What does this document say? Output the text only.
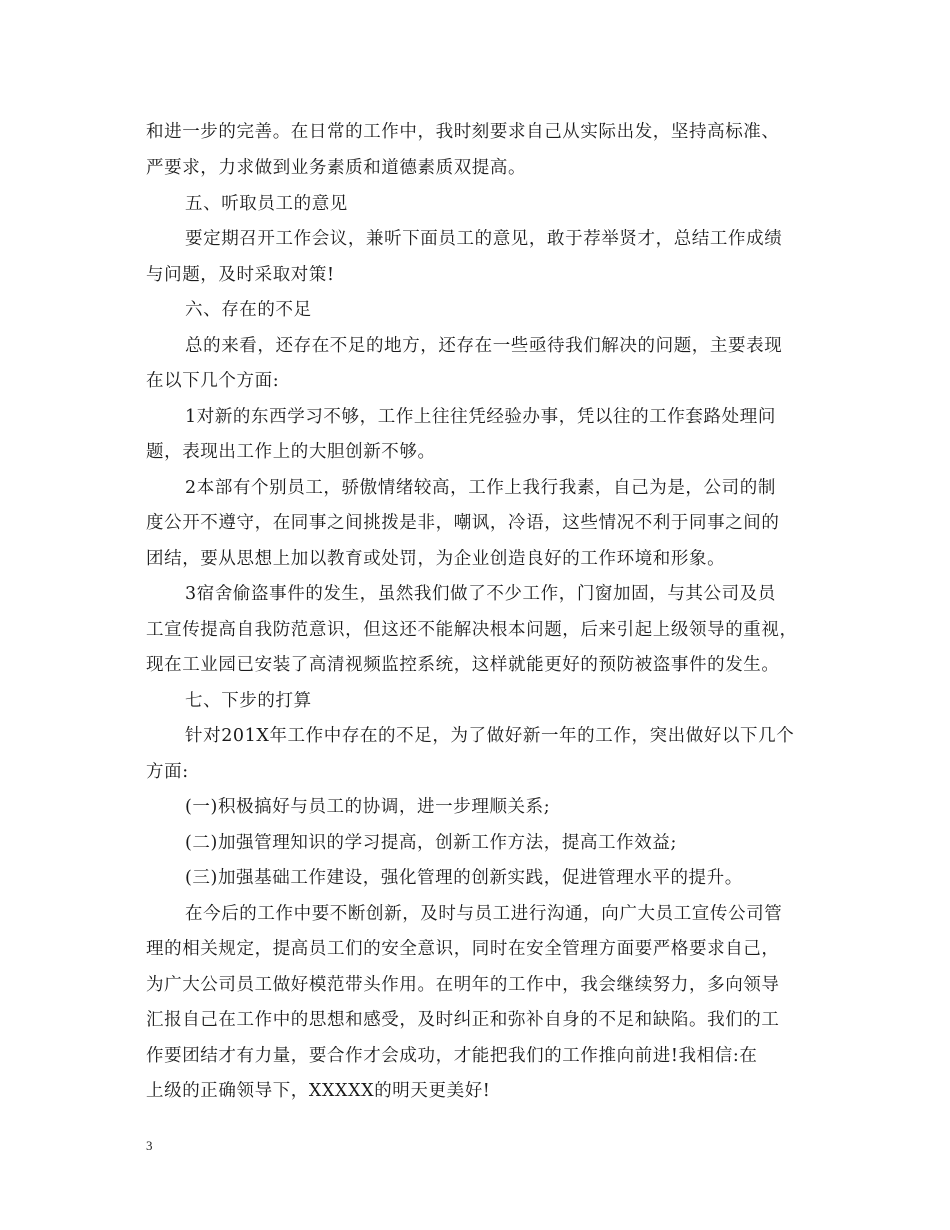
和进一步的完善。在日常的工作中，我时刻要求自己从实际出发，坚持高标准、
严要求，力求做到业务素质和道德素质双提高。
五、听取员工的意见
要定期召开工作会议，兼听下面员工的意见，敢于荐举贤才，总结工作成绩
与问题，及时采取对策!
六、存在的不足
总的来看，还存在不足的地方，还存在一些亟待我们解决的问题，主要表现
在以下几个方面:
1对新的东西学习不够，工作上往往凭经验办事，凭以往的工作套路处理问
题，表现出工作上的大胆创新不够。
2本部有个别员工，骄傲情绪较高，工作上我行我素，自己为是，公司的制
度公开不遵守，在同事之间挑拨是非，嘲讽，冷语，这些情况不利于同事之间的
团结，要从思想上加以教育或处罚，为企业创造良好的工作环境和形象。
3宿舍偷盗事件的发生，虽然我们做了不少工作，门窗加固，与其公司及员
工宣传提高自我防范意识，但这还不能解决根本问题，后来引起上级领导的重视，
现在工业园已安装了高清视频监控系统，这样就能更好的预防被盗事件的发生。
七、下步的打算
针对201X年工作中存在的不足，为了做好新一年的工作，突出做好以下几个
方面:
(一)积极搞好与员工的协调，进一步理顺关系;
(二)加强管理知识的学习提高，创新工作方法，提高工作效益;
(三)加强基础工作建设，强化管理的创新实践，促进管理水平的提升。
在今后的工作中要不断创新，及时与员工进行沟通，向广大员工宣传公司管
理的相关规定，提高员工们的安全意识，同时在安全管理方面要严格要求自己，
为广大公司员工做好模范带头作用。在明年的工作中，我会继续努力，多向领导
汇报自己在工作中的思想和感受，及时纠正和弥补自身的不足和缺陷。我们的工
作要团结才有力量，要合作才会成功，才能把我们的工作推向前进!我相信:在
上级的正确领导下，XXXXX的明天更美好!
3
